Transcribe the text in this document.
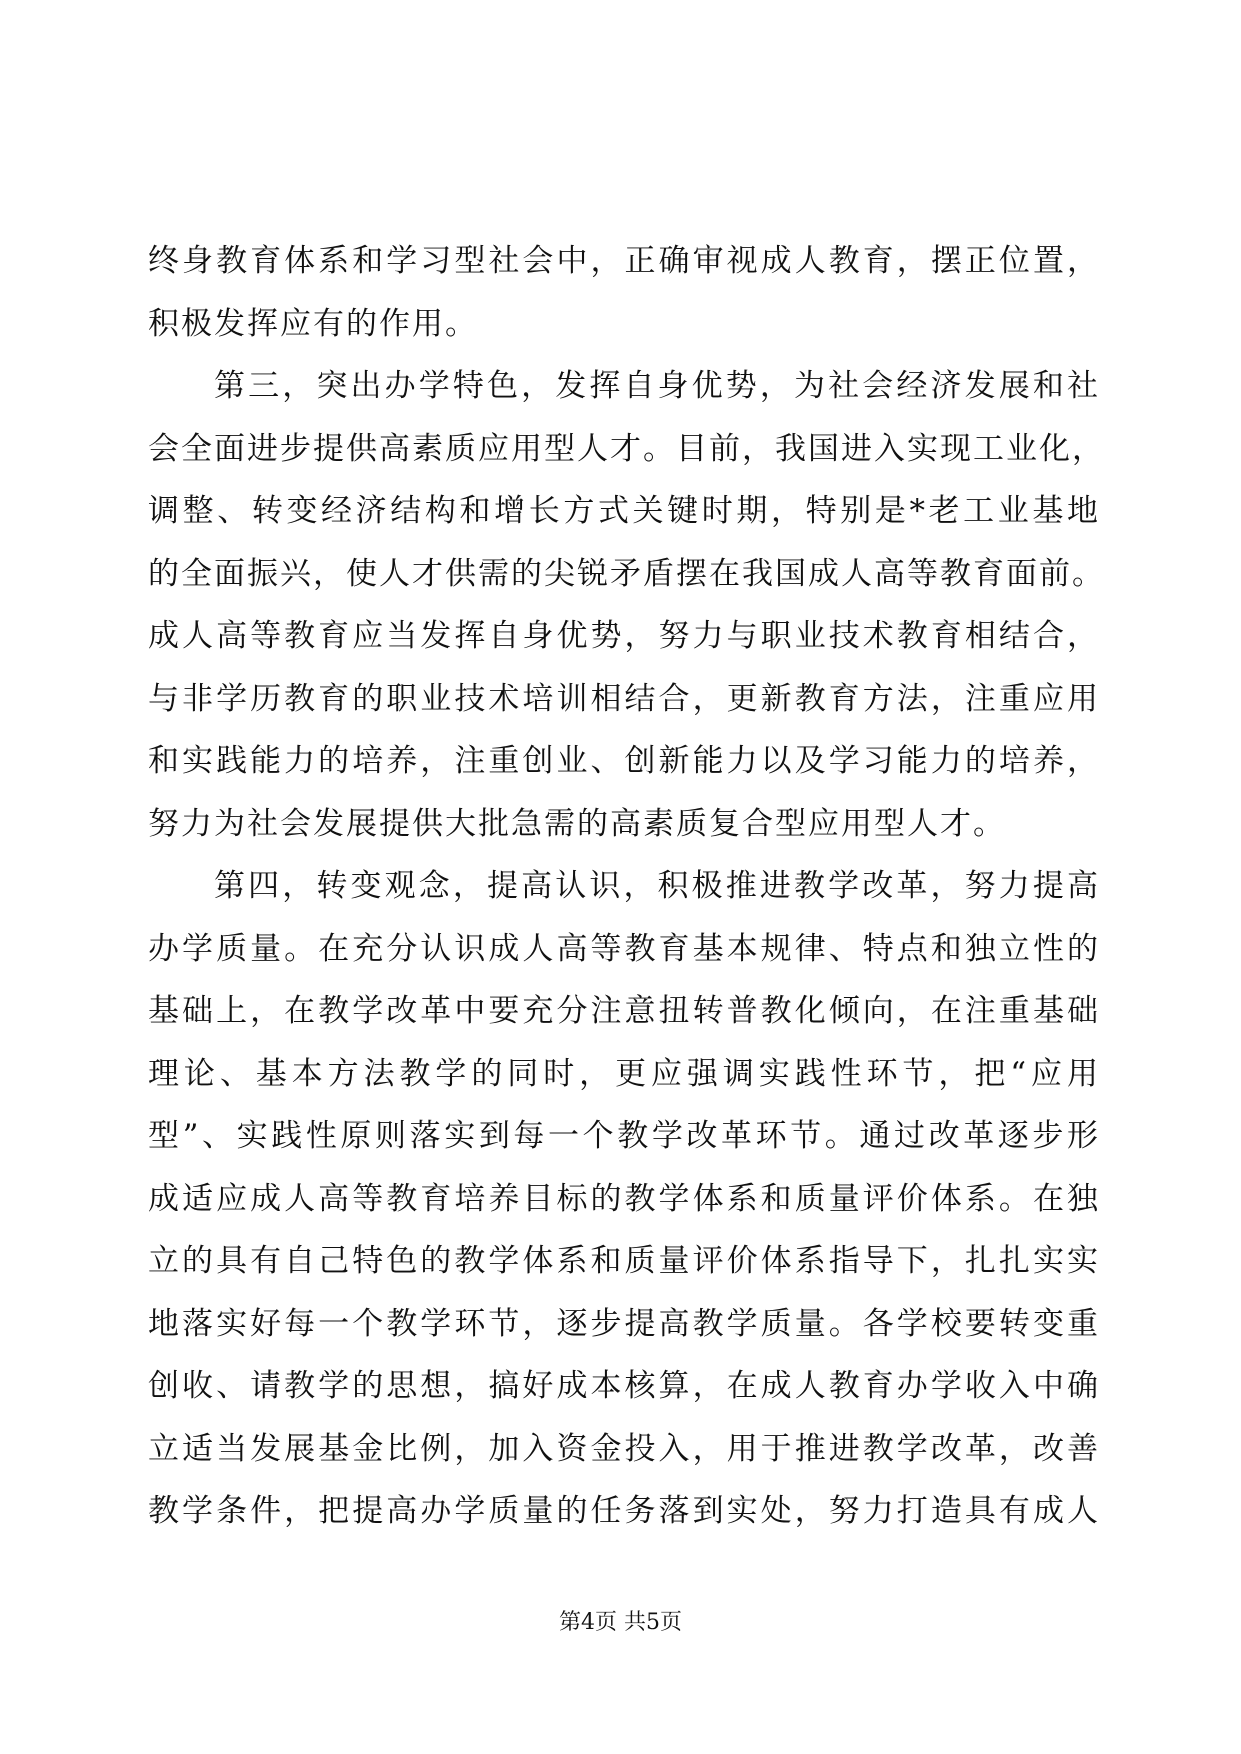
终身教育体系和学习型社会中，正确审视成人教育，摆正位置，
积极发挥应有的作用。
第三，突出办学特色，发挥自身优势，为社会经济发展和社
会全面进步提供高素质应用型人才。目前，我国进入实现工业化，
调整、转变经济结构和增长方式关键时期，特别是*老工业基地
的全面振兴，使人才供需的尖锐矛盾摆在我国成人高等教育面前。
成人高等教育应当发挥自身优势，努力与职业技术教育相结合，
与非学历教育的职业技术培训相结合，更新教育方法，注重应用
和实践能力的培养，注重创业、创新能力以及学习能力的培养，
努力为社会发展提供大批急需的高素质复合型应用型人才。
第四，转变观念，提高认识，积极推进教学改革，努力提高
办学质量。在充分认识成人高等教育基本规律、特点和独立性的
基础上，在教学改革中要充分注意扭转普教化倾向，在注重基础
理论、基本方法教学的同时，更应强调实践性环节，把“应用
型”、实践性原则落实到每一个教学改革环节。通过改革逐步形
成适应成人高等教育培养目标的教学体系和质量评价体系。在独
立的具有自己特色的教学体系和质量评价体系指导下，扎扎实实
地落实好每一个教学环节，逐步提高教学质量。各学校要转变重
创收、请教学的思想，搞好成本核算，在成人教育办学收入中确
立适当发展基金比例，加入资金投入，用于推进教学改革，改善
教学条件，把提高办学质量的任务落到实处，努力打造具有成人
第4页 共5页
